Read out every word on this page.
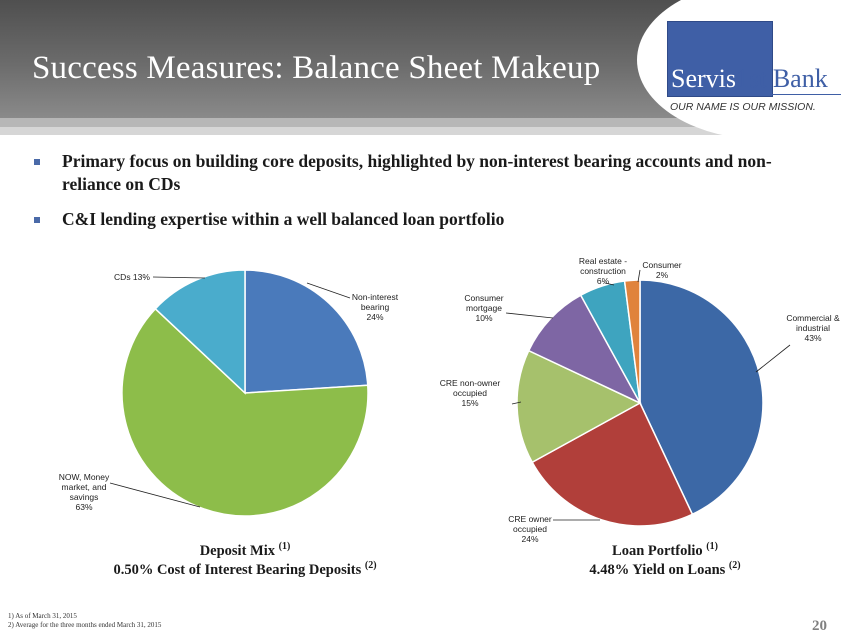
Success Measures: Balance Sheet Makeup	Servis1st Bank
OUR NAME IS OUR MISSION.
Primary focus on building core deposits, highlighted by non-interest bearing accounts and non-reliance on CDs
C&I lending expertise within a well balanced loan portfolio
Non-interest bearing 24%
NOW, Money market, and savings 63%
CDs 13%
Commercial & industrial 43%
CRE owner occupied 24%
CRE non-owner occupied 15%
Consumer mortgage 10%
Real estate -construction 6%
Consumer 2%
Deposit Mix $^{(1)}$
0.50% Cost of Interest Bearing Deposits $^{(2)}$
Loan Portfolio $^{(1)}$
4.48% Yield on Loans $^{(2)}$
1) As of March 31, 2015
2) Average for the three months ended March 31, 2015	20
